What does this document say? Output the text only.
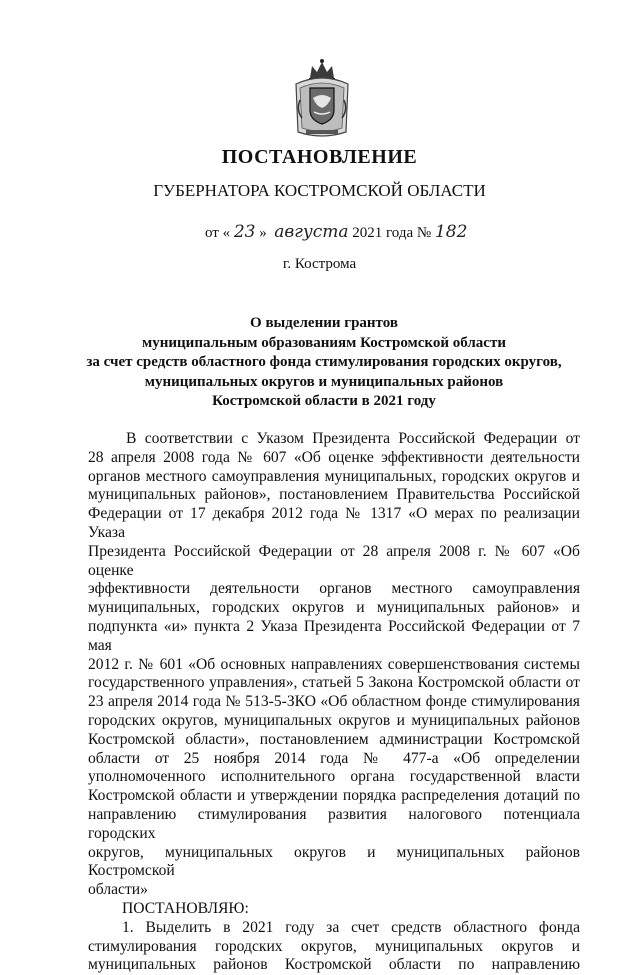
ПОСТАНОВЛЕНИЕ
ГУБЕРНАТОРА КОСТРОМСКОЙ ОБЛАСТИ
от « 23 » августа 2021 года № 182
г. Кострома
О выделении грантов
муниципальным образованиям Костромской области
за счет средств областного фонда стимулирования городских округов,
муниципальных округов и муниципальных районов
Костромской области в 2021 году
В соответствии с Указом Президента Российской Федерации от
28 апреля 2008 года № 607 «Об оценке эффективности деятельности
органов местного самоуправления муниципальных, городских округов и
муниципальных районов», постановлением Правительства Российской
Федерации от 17 декабря 2012 года № 1317 «О мерах по реализации Указа
Президента Российской Федерации от 28 апреля 2008 г. № 607 «Об оценке
эффективности деятельности органов местного самоуправления
муниципальных, городских округов и муниципальных районов» и
подпункта «и» пункта 2 Указа Президента Российской Федерации от 7 мая
2012 г. № 601 «Об основных направлениях совершенствования системы
государственного управления», статьей 5 Закона Костромской области от
23 апреля 2014 года № 513-5-ЗКО «Об областном фонде стимулирования
городских округов, муниципальных округов и муниципальных районов
Костромской области», постановлением администрации Костромской
области от 25 ноября 2014 года № 477-а «Об определении
уполномоченного исполнительного органа государственной власти
Костромской области и утверждении порядка распределения дотаций по
направлению стимулирования развития налогового потенциала городских
округов, муниципальных округов и муниципальных районов Костромской
области»
ПОСТАНОВЛЯЮ:
1. Выделить в 2021 году за счет средств областного фонда
стимулирования городских округов, муниципальных округов и
муниципальных районов Костромской области по направлению
